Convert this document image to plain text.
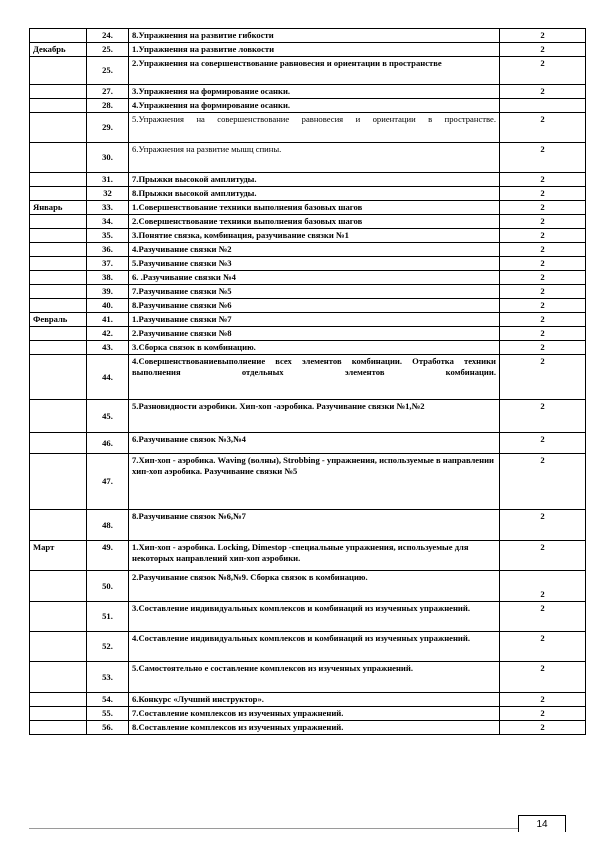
	24.	8.Упражнения на развитие гибкости	2
Декабрь	25.	1.Упражнения на развитие ловкости	2
	25.	2.Упражнения на совершенствование равновесия и ориентации в пространстве	2
	27.	3.Упражнения на формирование осанки.	2
	28.	4.Упражнения на формирование осанки.	
	29.	5.Упражнения на совершенствование равновесия и ориентации в пространстве.	2
	30.	6.Упражнения на развитие мышц спины.	2
	31.	7.Прыжки высокой амплитуды.	2
	32	8.Прыжки высокой амплитуды.	2
Январь	33.	1.Совершенствование техники выполнения базовых шагов	2
	34.	2.Совершенствование техники выполнения базовых шагов	2
	35.	3.Понятие связка, комбинация, разучивание связки №1	2
	36.	4.Разучивание связки №2	2
	37.	5.Разучивание связки №3	2
	38.	6. .Разучивание связки №4	2
	39.	7.Разучивание связки №5	2
	40.	8.Разучивание связки №6	2
Февраль	41.	1.Разучивание связки №7	2
	42.	2.Разучивание связки №8	2
	43.	3.Сборка связок в комбинацию.	2
	44.	4.Совершенствованиевыполнение всех элементов комбинации. Отработка техники выполнения отдельных элементов комбинации.	2
	45.	5.Разновидности аэробики. Хип-хоп -аэробика. Разучивание связки №1,№2	2
	46.	6.Разучивание связок №3,№4	2
	47.	7.Хип-хоп - аэробика. Waving (волны), Strobbing - упражнения, используемые в направлении хип-хоп аэробика. Разучивание связки №5	2
	48.	8.Разучивание связок №6,№7	2
Март	49.	1.Хип-хоп - аэробика. Locking, Dimestop -специальные упражнения, используемые для некоторых направлений хип-хоп аэробики.	2
	50.	2.Разучивание связок №8,№9. Сборка связок в комбинацию.	2
	51.	3.Составление индивидуальных комплексов и комбинаций из изученных упражнений.	2
	52.	4.Составление индивидуальных комплексов и комбинаций из изученных упражнений.	2
	53.	5.Самостоятельно е составление комплексов из изученных упражнений.	2
	54.	6.Конкурс «Лучший инструктор».	2
	55.	7.Составление комплексов из изученных упражнений.	2
	56.	8.Составление комплексов из изученных упражнений.	2
14
